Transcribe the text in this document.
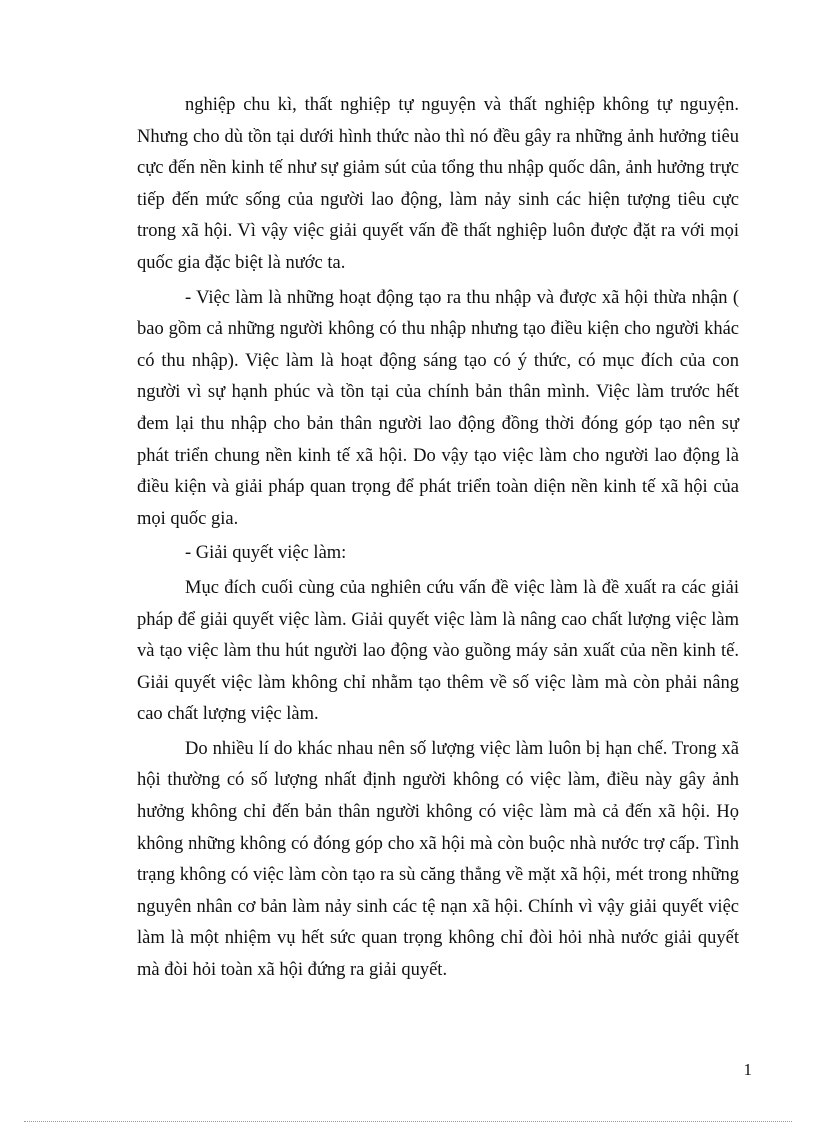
nghiệp chu kì, thất nghiệp tự nguyện và thất nghiệp không tự nguyện. Nhưng cho dù tồn tại dưới hình thức nào thì nó đều gây ra những ảnh hưởng tiêu cực đến nền kinh tế như sự giảm sút của tổng thu nhập quốc dân, ảnh hưởng trực tiếp đến mức sống của người lao động, làm nảy sinh các hiện tượng tiêu cực trong xã hội. Vì vậy việc giải quyết vấn đề thất nghiệp luôn được đặt ra với mọi quốc gia đặc biệt là nước ta.

- Việc làm là những hoạt động tạo ra thu nhập và được xã hội thừa nhận ( bao gồm cả những người không có thu nhập nhưng tạo điều kiện cho người khác có thu nhập). Việc làm là hoạt động sáng tạo có ý thức, có mục đích của con người vì sự hạnh phúc và tồn tại của chính bản thân mình. Việc làm trước hết đem lại thu nhập cho bản thân người lao động đồng thời đóng góp tạo nên sự phát triển chung nền kinh tế xã hội. Do vậy tạo việc làm cho người lao động là điều kiện và giải pháp quan trọng để phát triển toàn diện nền kinh tế xã hội của mọi quốc gia.

- Giải quyết việc làm:

Mục đích cuối cùng của nghiên cứu vấn đề việc làm là đề xuất ra các giải pháp để giải quyết việc làm. Giải quyết việc làm là nâng cao chất lượng việc làm và tạo việc làm thu hút người lao động vào guồng máy sản xuất của nền kinh tế. Giải quyết việc làm không chỉ nhằm tạo thêm về số việc làm mà còn phải nâng cao chất lượng việc làm.

Do nhiều lí do khác nhau nên số lượng việc làm luôn bị hạn chế. Trong xã hội thường có số lượng nhất định người không có việc làm, điều này gây ảnh hưởng không chỉ đến bản thân người không có việc làm mà cả đến xã hội. Họ không những không có đóng góp cho xã hội mà còn buộc nhà nước trợ cấp. Tình trạng không có việc làm còn tạo ra sù căng thẳng về mặt xã hội, mét trong những nguyên nhân cơ bản làm nảy sinh các tệ nạn xã hội. Chính vì vậy giải quyết việc làm là một nhiệm vụ hết sức quan trọng không chỉ đòi hỏi nhà nước giải quyết mà đòi hỏi toàn xã hội đứng ra giải quyết.

1
